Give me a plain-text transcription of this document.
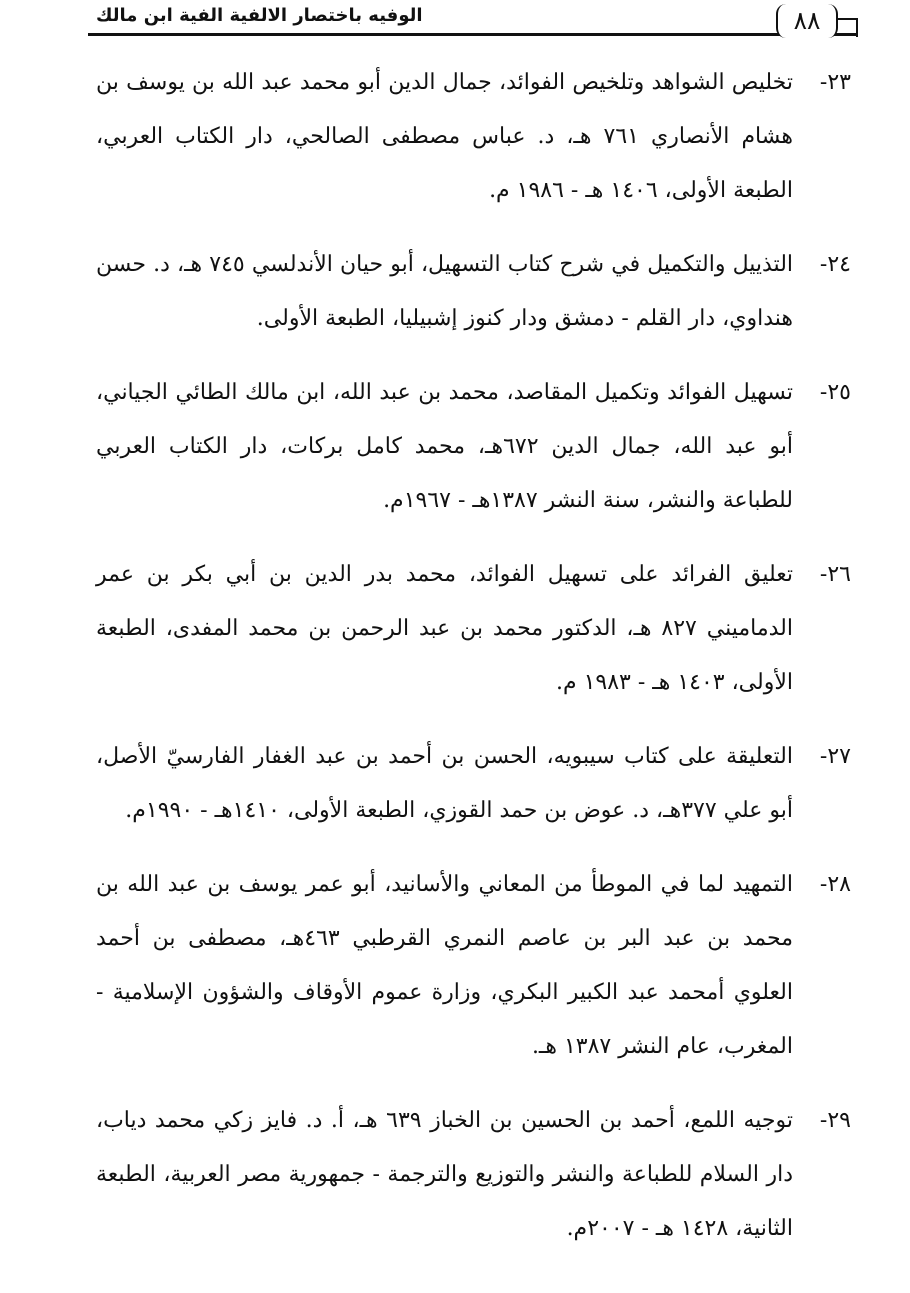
٨٨
الوفيه باختصار الالفية الفية ابن مالك
٢٣-

تخليص الشواهد وتلخيص الفوائد، جمال الدين أبو محمد عبد الله بن يوسف بن هشام الأنصاري ٧٦١ هـ، د. عباس مصطفى الصالحي، دار الكتاب العربي، الطبعة الأولى، ١٤٠٦ هـ - ١٩٨٦ م.

٢٤-

التذييل والتكميل في شرح كتاب التسهيل، أبو حيان الأندلسي ٧٤٥ هـ، د. حسن هنداوي، دار القلم - دمشق ودار كنوز إشبيليا، الطبعة الأولى.

٢٥-

تسهيل الفوائد وتكميل المقاصد، محمد بن عبد الله، ابن مالك الطائي الجياني، أبو عبد الله، جمال الدين ٦٧٢هـ، محمد كامل بركات، دار الكتاب العربي للطباعة والنشر، سنة النشر ١٣٨٧هـ - ١٩٦٧م.

٢٦-

تعليق الفرائد على تسهيل الفوائد، محمد بدر الدين بن أبي بكر بن عمر الدماميني ٨٢٧ هـ، الدكتور محمد بن عبد الرحمن بن محمد المفدى، الطبعة الأولى، ١٤٠٣ هـ - ١٩٨٣ م.

٢٧-

التعليقة على كتاب سيبويه، الحسن بن أحمد بن عبد الغفار الفارسيّ الأصل، أبو علي ٣٧٧هـ، د. عوض بن حمد القوزي، الطبعة الأولى، ١٤١٠هـ - ١٩٩٠م.

٢٨-

التمهيد لما في الموطأ من المعاني والأسانيد، أبو عمر يوسف بن عبد الله بن محمد بن عبد البر بن عاصم النمري القرطبي ٤٦٣هـ، مصطفى بن أحمد العلوي أمحمد عبد الكبير البكري، وزارة عموم الأوقاف والشؤون الإسلامية - المغرب، عام النشر ١٣٨٧ هـ.

٢٩-

توجيه اللمع، أحمد بن الحسين بن الخباز ٦٣٩ هـ، أ. د. فايز زكي محمد دياب، دار السلام للطباعة والنشر والتوزيع والترجمة - جمهورية مصر العربية، الطبعة الثانية، ١٤٢٨ هـ - ٢٠٠٧م.
